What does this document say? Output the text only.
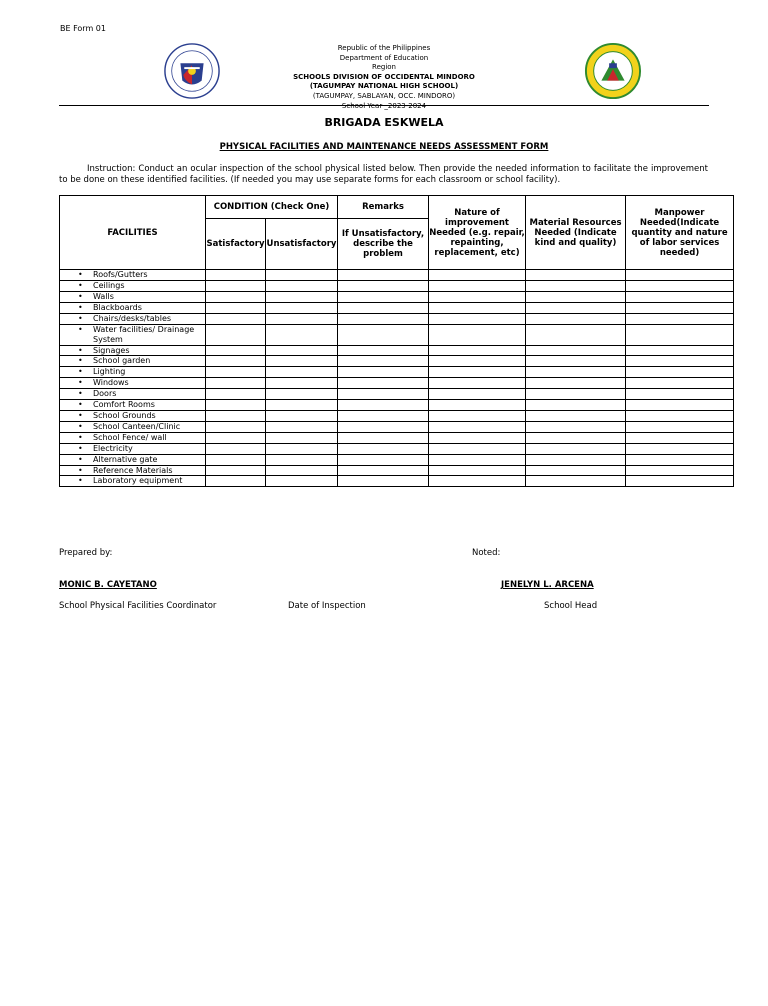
BE Form 01
Republic of the Philippines
Department of Education
Region
SCHOOLS DIVISION OF OCCIDENTAL MINDORO
(TAGUMPAY NATIONAL HIGH SCHOOL)
(TAGUMPAY, SABLAYAN, OCC. MINDORO)
School Year _2023-2024
BRIGADA ESKWELA
PHYSICAL FACILITIES AND MAINTENANCE NEEDS ASSESSMENT FORM
Instruction: Conduct an ocular inspection of the school physical listed below. Then provide the needed information to facilitate the improvement to be done on these identified facilities. (If needed you may use separate forms for each classroom or school facility).
FACILITIES	CONDITION (Check One)		Remarks	Nature of improvement Needed (e.g. repair, repainting, replacement, etc)	Material Resources Needed (Indicate kind and quality)	Manpower Needed(Indicate quantity and nature of labor services needed)
	Satisfactory	Unsatisfactory	If Unsatisfactory, describe the problem			

• Roofs/Gutters						

• Ceilings						

• Walls						

• Blackboards						

• Chairs/desks/tables						

• Water facilities/ Drainage System						

• Signages						

• School garden						

• Lighting						

• Windows						

• Doors						

• Comfort Rooms						

• School Grounds						

• School Canteen/Clinic						

• School Fence/ wall						

• Electricity						

• Alternative gate						

• Reference Materials						

• Laboratory equipment						
Prepared by:	Noted:
MONIC B. CAYETANO	JENELYN L. ARCENA
School Physical Facilities Coordinator	Date of Inspection	School Head
